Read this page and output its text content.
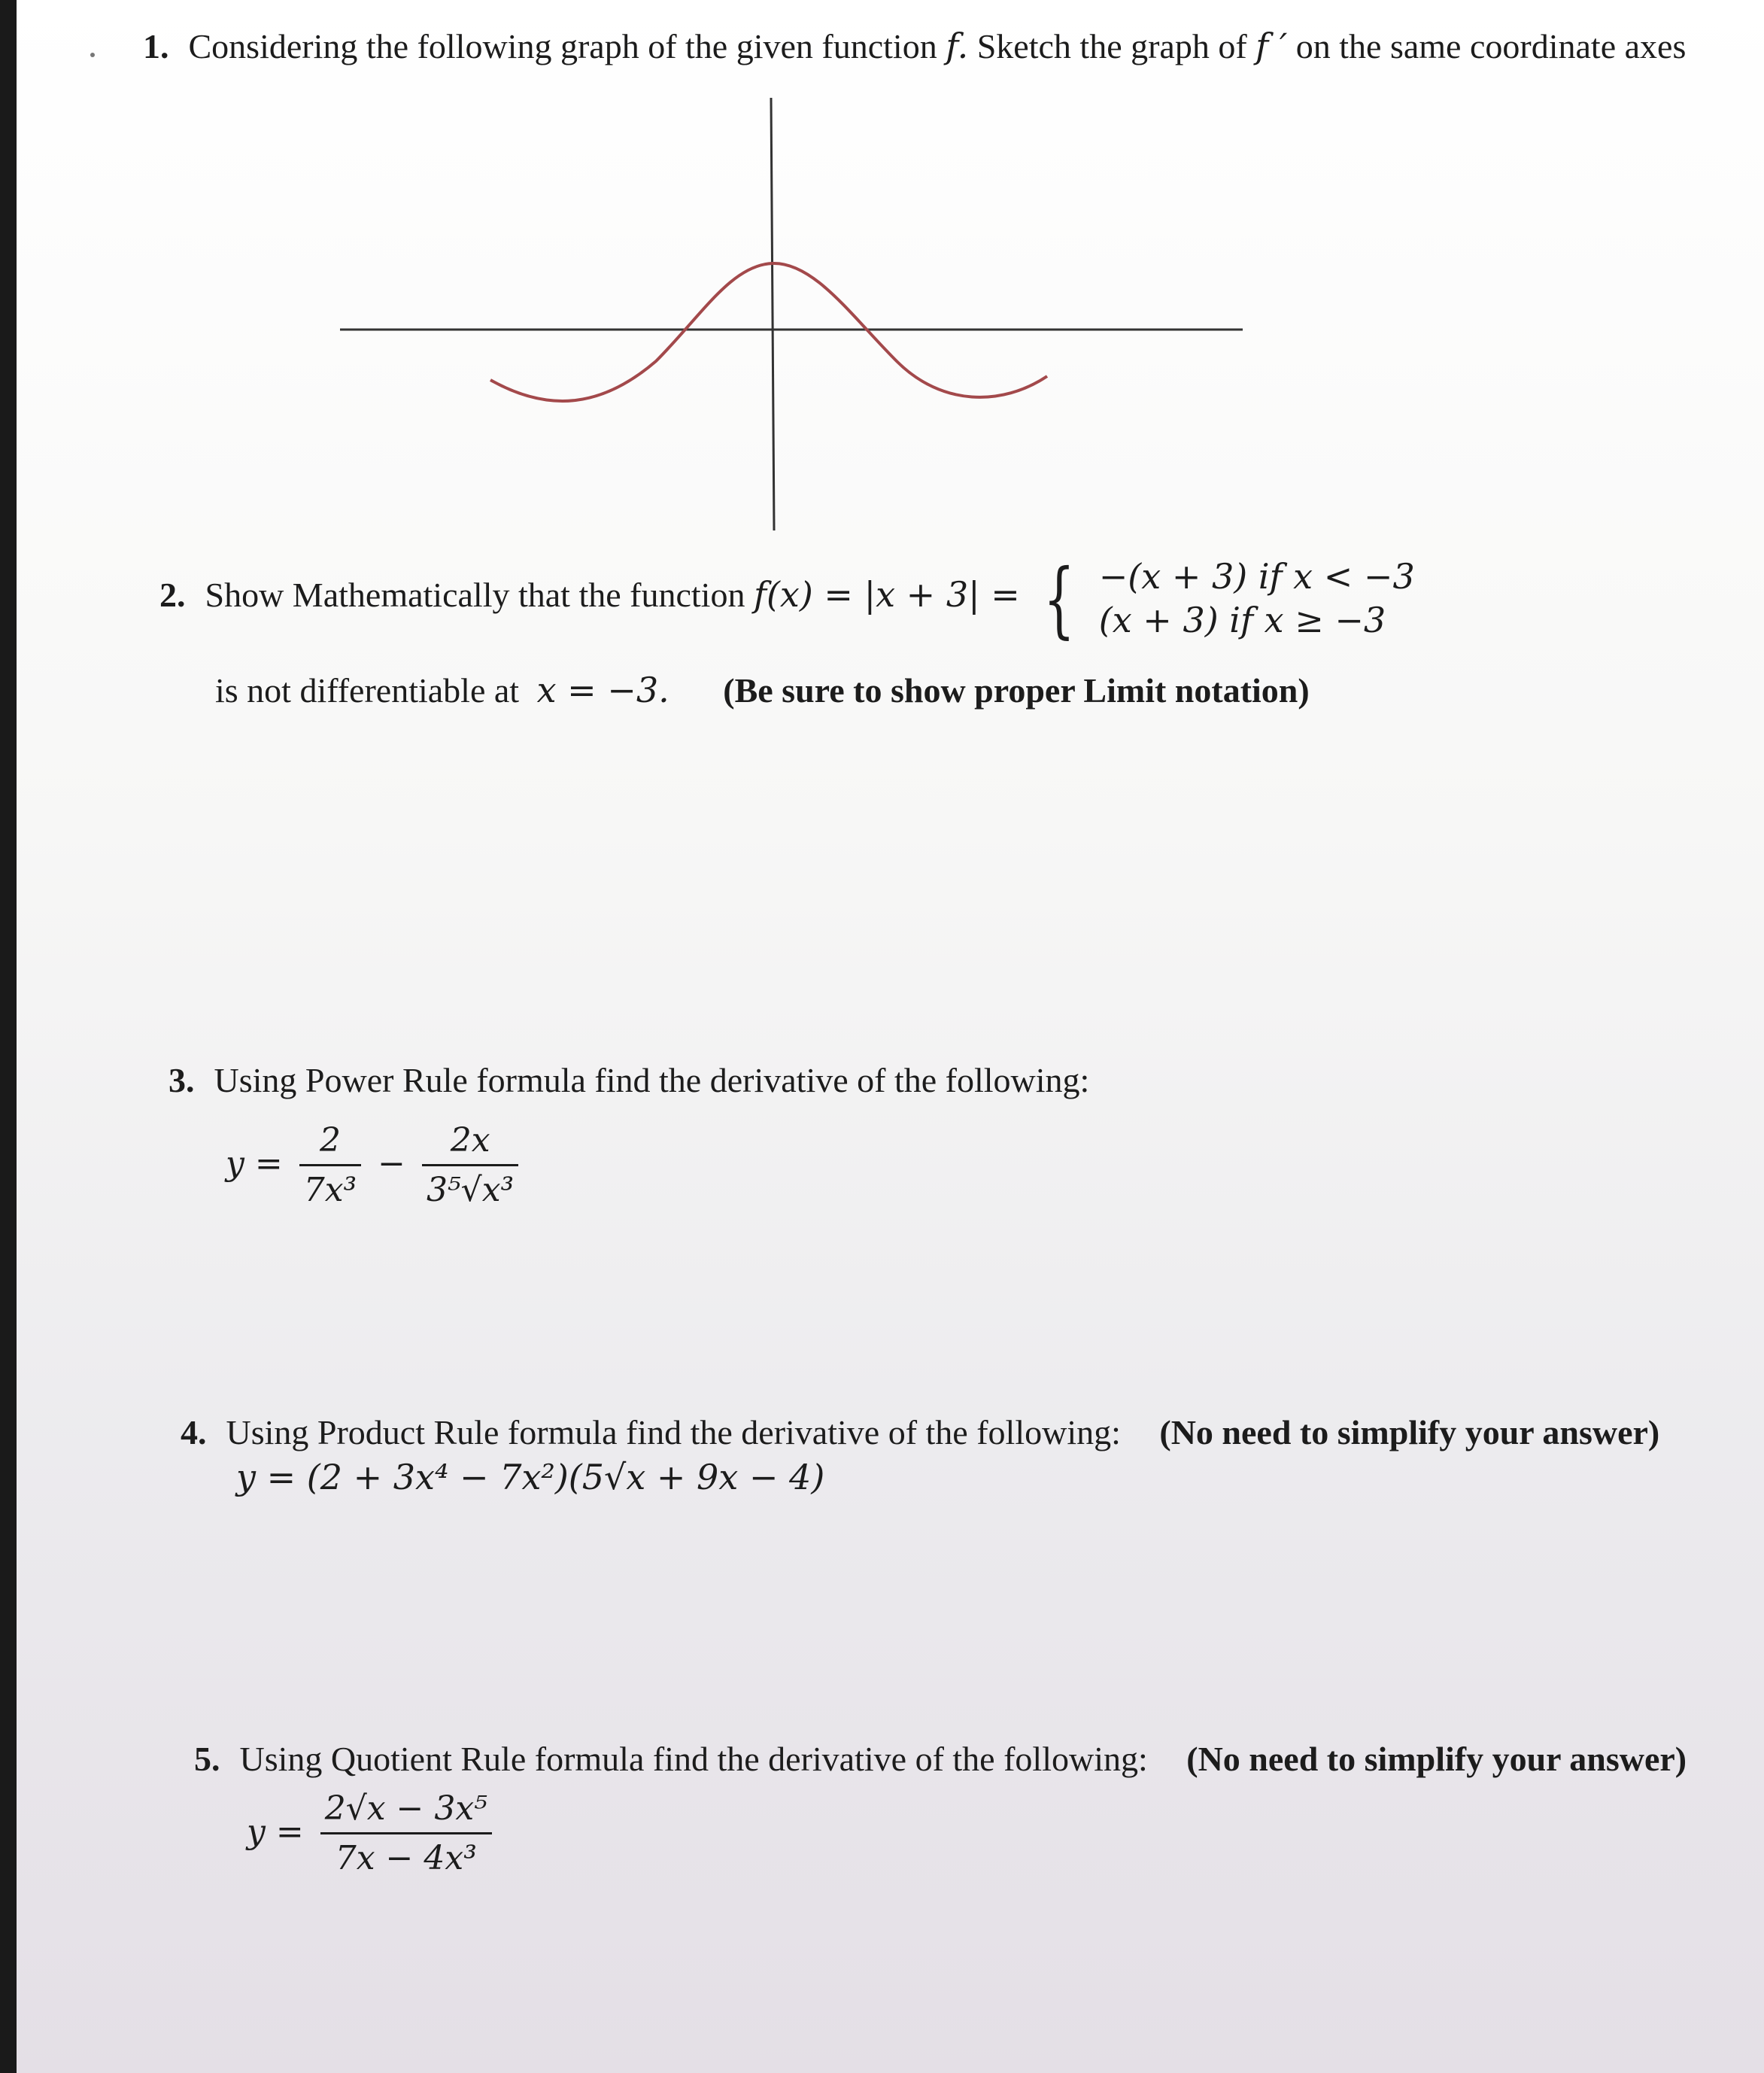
1. Considering the following graph of the given function f. Sketch the graph of f ′ on the same coordinate axes
2. Show Mathematically that the function f(x) = |x + 3| = { −(x + 3) if x < −3
(x + 3) if x ≥ −3
is not differentiable at x = −3. (Be sure to show proper Limit notation)
3. Using Power Rule formula find the derivative of the following:
$y = \frac{2}{\text{7x³}} - \frac{2x}{\text{3⁵√x³}}$
4. Using Product Rule formula find the derivative of the following: (No need to simplify your answer)
y = (2 + 3x⁴ − 7x²)(5√x + 9x − 4)
5. Using Quotient Rule formula find the derivative of the following: (No need to simplify your answer)
$y = \frac{\text{2√x − 3x⁵}}{\text{7x − 4x³}}$
